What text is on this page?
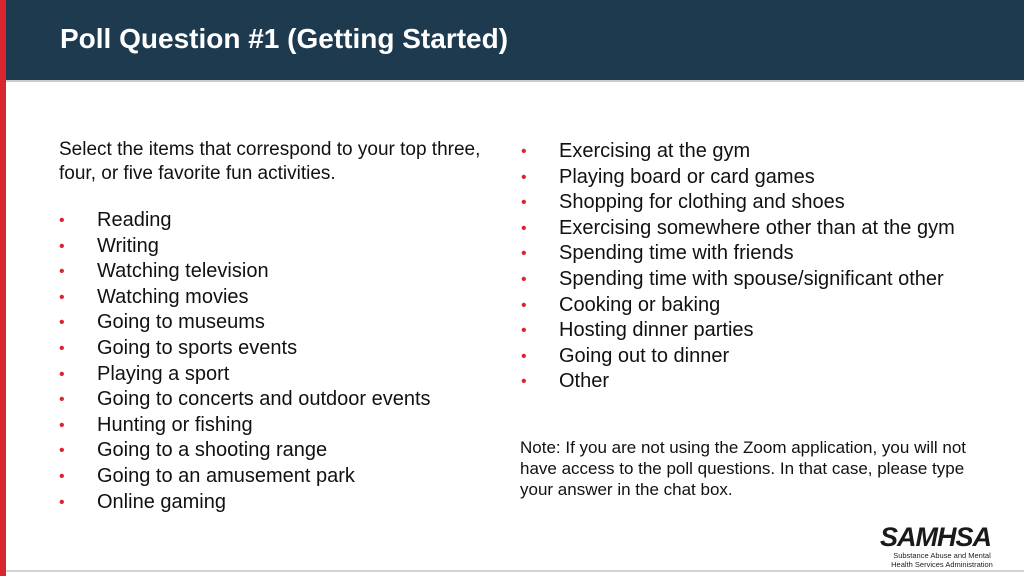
Poll Question #1 (Getting Started)
Select the items that correspond to your top three, four, or five favorite fun activities.
• Reading
• Writing
• Watching television
• Watching movies
• Going to museums
• Going to sports events
• Playing a sport
• Going to concerts and outdoor events
• Hunting or fishing
• Going to a shooting range
• Going to an amusement park
• Online gaming
• Exercising at the gym
• Playing board or card games
• Shopping for clothing and shoes
• Exercising somewhere other than at the gym
• Spending time with friends
• Spending time with spouse/significant other
• Cooking or baking
• Hosting dinner parties
• Going out to dinner
• Other
Note: If you are not using the Zoom application, you will not have access to the poll questions. In that case, please type your answer in the chat box.
SAMHSA
Substance Abuse and Mental Health Services Administration
